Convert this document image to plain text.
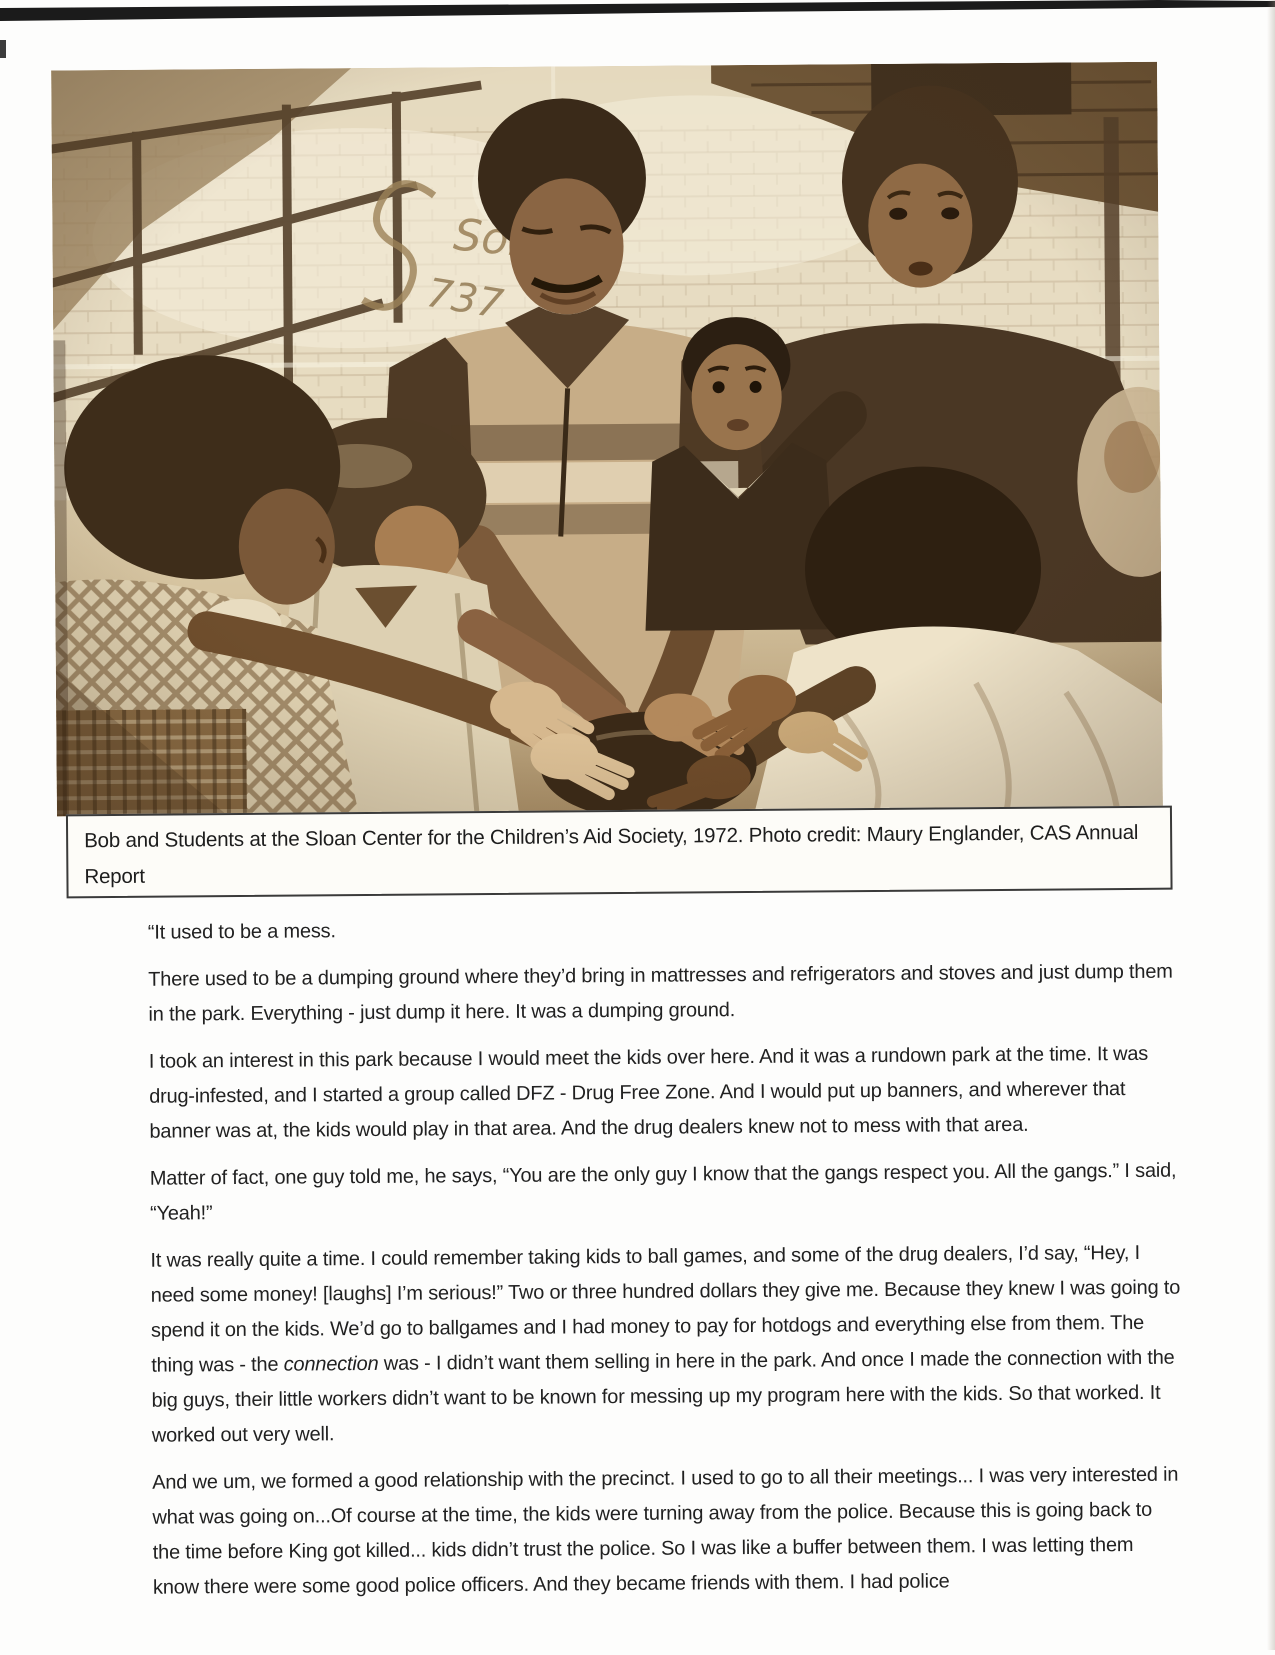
Bob and Students at the Sloan Center for the Children’s Aid Society, 1972. Photo credit: Maury Englander, CAS Annual Report

“It used to be a mess.

There used to be a dumping ground where they’d bring in mattresses and refrigerators and stoves and just dump them in the park. Everything - just dump it here. It was a dumping ground.

I took an interest in this park because I would meet the kids over here. And it was a rundown park at the time. It was drug-infested, and I started a group called DFZ - Drug Free Zone. And I would put up banners, and wherever that banner was at, the kids would play in that area. And the drug dealers knew not to mess with that area.

Matter of fact, one guy told me, he says, “You are the only guy I know that the gangs respect you. All the gangs.” I said, “Yeah!”

It was really quite a time. I could remember taking kids to ball games, and some of the drug dealers, I’d say, “Hey, I need some money! [laughs] I’m serious!” Two or three hundred dollars they give me. Because they knew I was going to spend it on the kids. We’d go to ballgames and I had money to pay for hotdogs and everything else from them. The thing was - the connection was - I didn’t want them selling in here in the park. And once I made the connection with the big guys, their little workers didn’t want to be known for messing up my program here with the kids. So that worked. It worked out very well.

And we um, we formed a good relationship with the precinct. I used to go to all their meetings... I was very interested in what was going on...Of course at the time, the kids were turning away from the police. Because this is going back to the time before King got killed... kids didn’t trust the police. So I was like a buffer between them. I was letting them know there were some good police officers. And they became friends with them. I had police
